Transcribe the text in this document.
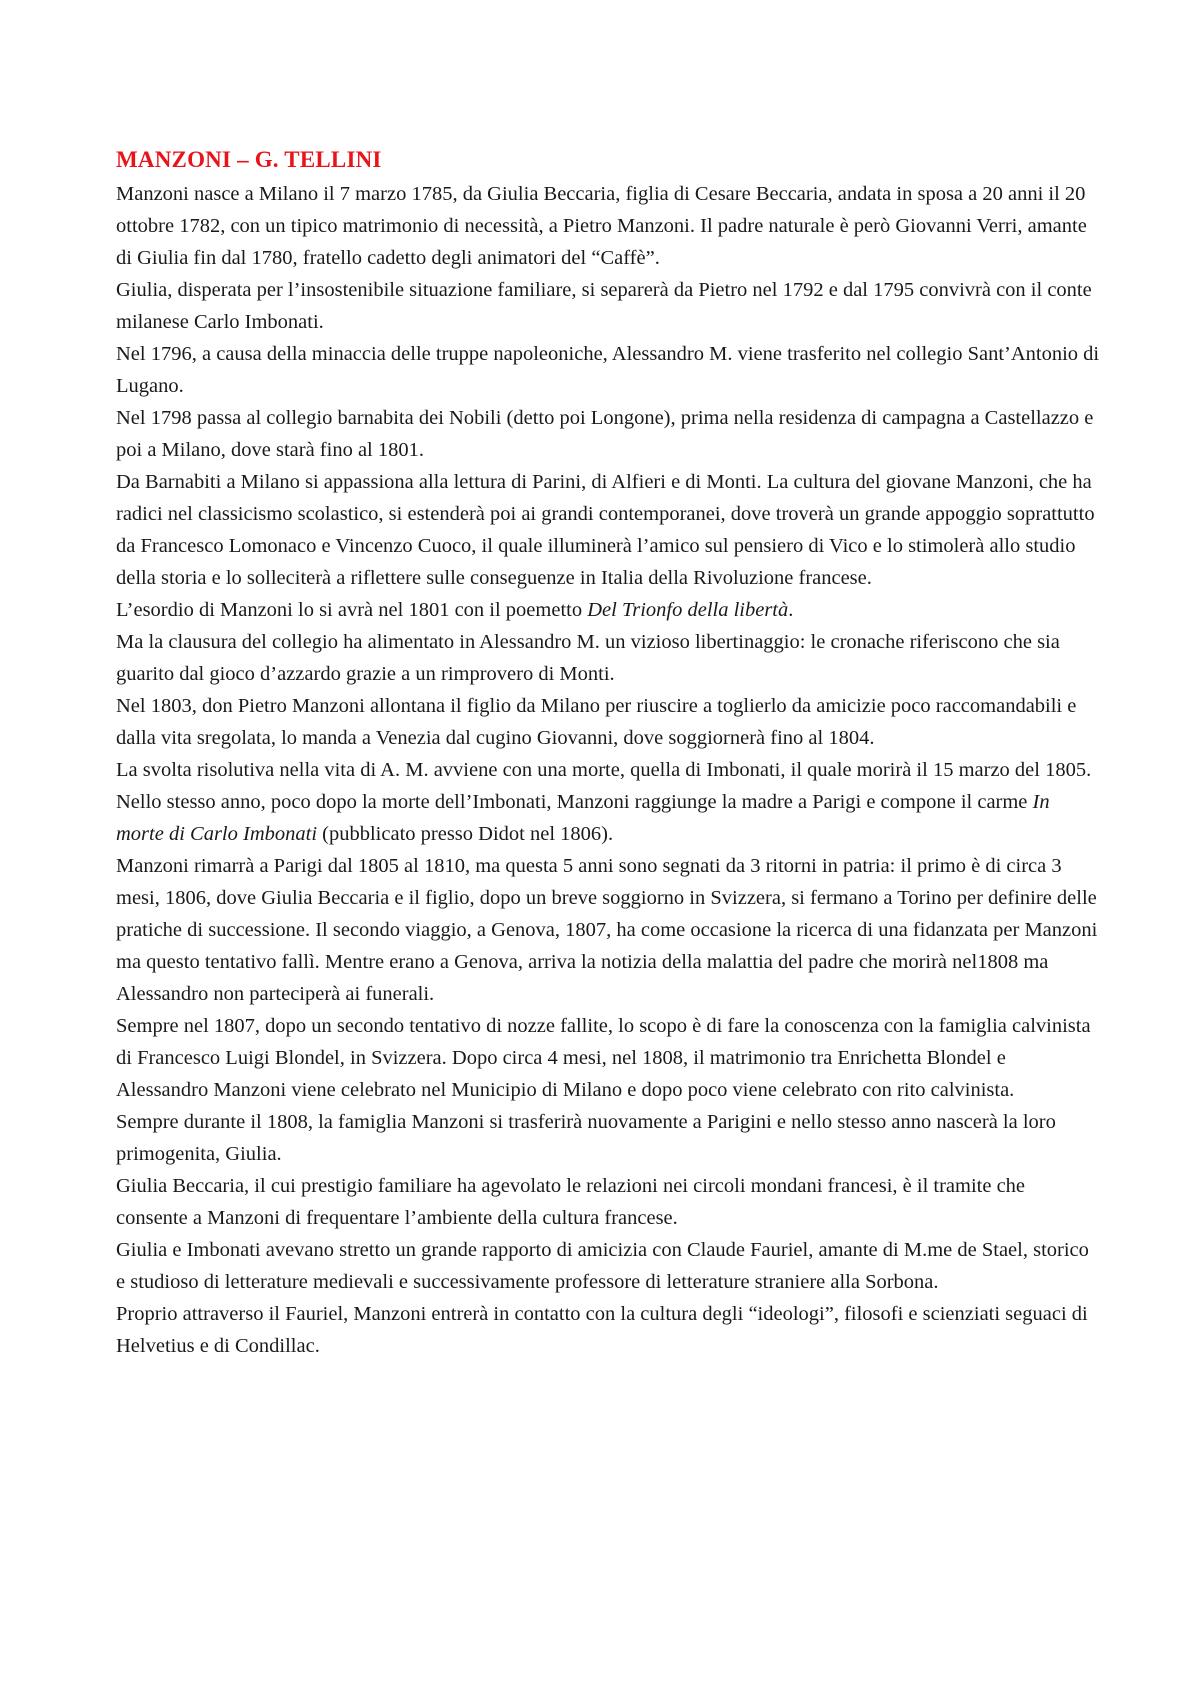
MANZONI – G. TELLINI

Manzoni nasce a Milano il 7 marzo 1785, da Giulia Beccaria, figlia di Cesare Beccaria, andata in sposa a 20 anni il 20 ottobre 1782, con un tipico matrimonio di necessità, a Pietro Manzoni. Il padre naturale è però Giovanni Verri, amante di Giulia fin dal 1780, fratello cadetto degli animatori del “Caffè”.

Giulia, disperata per l’insostenibile situazione familiare, si separerà da Pietro nel 1792 e dal 1795 convivrà con il conte milanese Carlo Imbonati.

Nel 1796, a causa della minaccia delle truppe napoleoniche, Alessandro M. viene trasferito nel collegio Sant’Antonio di Lugano.

Nel 1798 passa al collegio barnabita dei Nobili (detto poi Longone), prima nella residenza di campagna a Castellazzo e poi a Milano, dove starà fino al 1801.

Da Barnabiti a Milano si appassiona alla lettura di Parini, di Alfieri e di Monti. La cultura del giovane Manzoni, che ha radici nel classicismo scolastico, si estenderà poi ai grandi contemporanei, dove troverà un grande appoggio soprattutto da Francesco Lomonaco e Vincenzo Cuoco, il quale illuminerà l’amico sul pensiero di Vico e lo stimolerà allo studio della storia e lo solleciterà a riflettere sulle conseguenze in Italia della Rivoluzione francese.

L’esordio di Manzoni lo si avrà nel 1801 con il poemetto Del Trionfo della libertà.

Ma la clausura del collegio ha alimentato in Alessandro M. un vizioso libertinaggio: le cronache riferiscono che sia guarito dal gioco d’azzardo grazie a un rimprovero di Monti.

Nel 1803, don Pietro Manzoni allontana il figlio da Milano per riuscire a toglierlo da amicizie poco raccomandabili e dalla vita sregolata, lo manda a Venezia dal cugino Giovanni, dove soggiornerà fino al 1804.

La svolta risolutiva nella vita di A. M. avviene con una morte, quella di Imbonati, il quale morirà il 15 marzo del 1805.

Nello stesso anno, poco dopo la morte dell’Imbonati, Manzoni raggiunge la madre a Parigi e compone il carme In morte di Carlo Imbonati (pubblicato presso Didot nel 1806).

Manzoni rimarrà a Parigi dal 1805 al 1810, ma questa 5 anni sono segnati da 3 ritorni in patria: il primo è di circa 3 mesi, 1806, dove Giulia Beccaria e il figlio, dopo un breve soggiorno in Svizzera, si fermano a Torino per definire delle pratiche di successione. Il secondo viaggio, a Genova, 1807, ha come occasione la ricerca di una fidanzata per Manzoni ma questo tentativo fallì. Mentre erano a Genova, arriva la notizia della malattia del padre che morirà nel1808 ma Alessandro non parteciperà ai funerali.

Sempre nel 1807, dopo un secondo tentativo di nozze fallite, lo scopo è di fare la conoscenza con la famiglia calvinista di Francesco Luigi Blondel, in Svizzera. Dopo circa 4 mesi, nel 1808, il matrimonio tra Enrichetta Blondel e Alessandro Manzoni viene celebrato nel Municipio di Milano e dopo poco viene celebrato con rito calvinista.

Sempre durante il 1808, la famiglia Manzoni si trasferirà nuovamente a Parigini e nello stesso anno nascerà la loro primogenita, Giulia.

Giulia Beccaria, il cui prestigio familiare ha agevolato le relazioni nei circoli mondani francesi, è il tramite che consente a Manzoni di frequentare l’ambiente della cultura francese.

Giulia e Imbonati avevano stretto un grande rapporto di amicizia con Claude Fauriel, amante di M.me de Stael, storico e studioso di letterature medievali e successivamente professore di letterature straniere alla Sorbona.

Proprio attraverso il Fauriel, Manzoni entrerà in contatto con la cultura degli “ideologi”, filosofi e scienziati seguaci di Helvetius e di Condillac.
